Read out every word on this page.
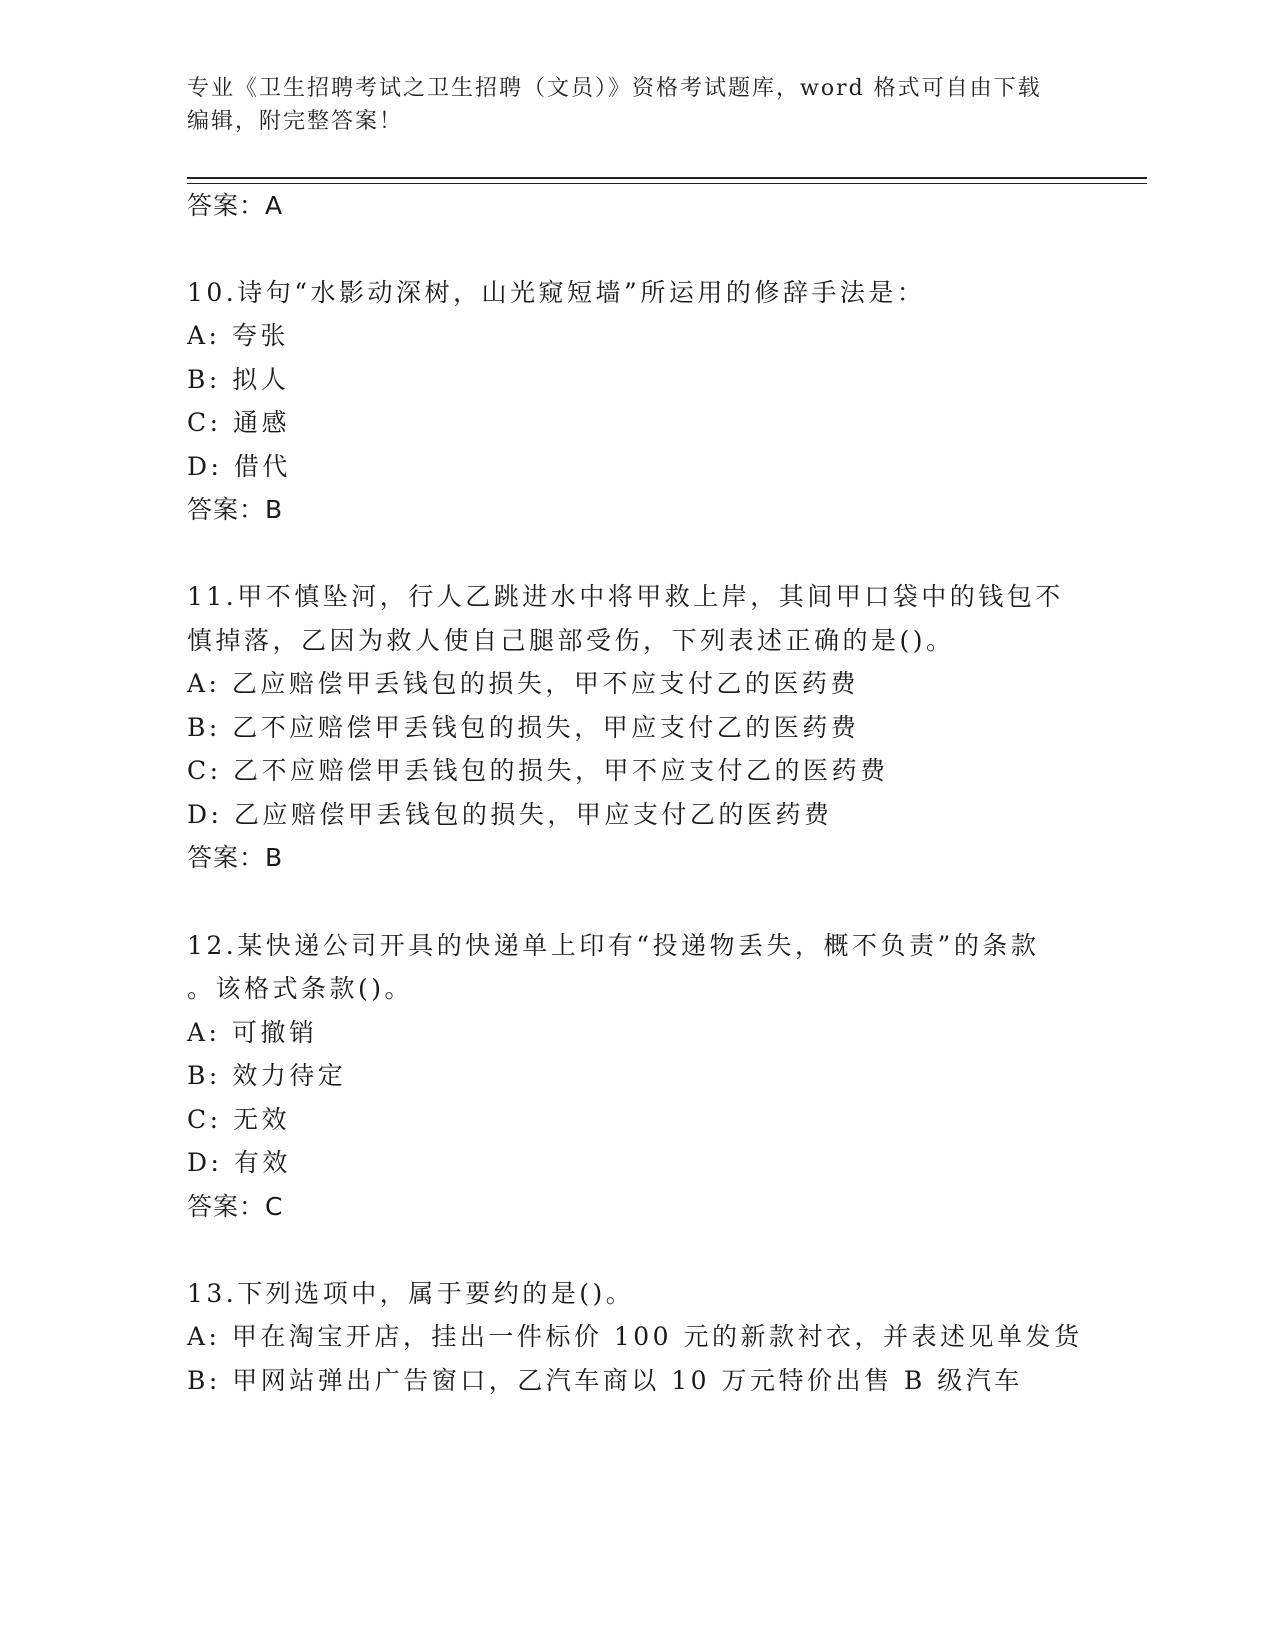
专业《卫生招聘考试之卫生招聘（文员）》资格考试题库，word 格式可自由下载
编辑，附完整答案！
答案：A
10.诗句“水影动深树，山光窥短墙”所运用的修辞手法是：
A: 夸张
B: 拟人
C: 通感
D: 借代
答案：B
11.甲不慎坠河，行人乙跳进水中将甲救上岸，其间甲口袋中的钱包不
慎掉落，乙因为救人使自己腿部受伤，下列表述正确的是()。
A: 乙应赔偿甲丢钱包的损失，甲不应支付乙的医药费
B: 乙不应赔偿甲丢钱包的损失，甲应支付乙的医药费
C: 乙不应赔偿甲丢钱包的损失，甲不应支付乙的医药费
D: 乙应赔偿甲丢钱包的损失，甲应支付乙的医药费
答案：B
12.某快递公司开具的快递单上印有“投递物丢失，概不负责”的条款
。该格式条款()。
A: 可撤销
B: 效力待定
C: 无效
D: 有效
答案：C
13.下列选项中，属于要约的是()。
A: 甲在淘宝开店，挂出一件标价 100 元的新款衬衣，并表述见单发货
B: 甲网站弹出广告窗口，乙汽车商以 10 万元特价出售 B 级汽车
